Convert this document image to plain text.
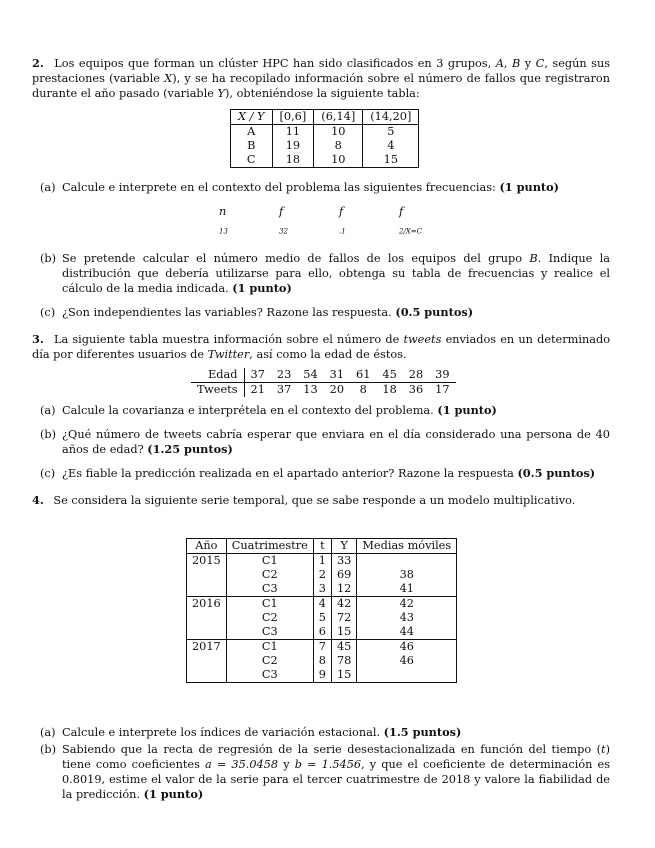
2. Los equipos que forman un clúster HPC han sido clasificados en 3 grupos, A, B y C, según sus prestaciones (variable X), y se ha recopilado información sobre el número de fallos que registraron durante el año pasado (variable Y), obteniéndose la siguiente tabla:

X / Y	[0,6]	(6,14]	(14,20]
A	11	10	5
B	19	8	4
C	18	10	15
(a) Calcule e interprete en el contexto del problema las siguientes frecuencias: (1 punto)
$n_{13}$
$f_{32}$
$f_{.1}$
$f_{2/X=C}$
(b) Se pretende calcular el número medio de fallos de los equipos del grupo B. Indique la distribución que debería utilizarse para ello, obtenga su tabla de frecuencias y realice el cálculo de la media indicada. (1 punto)
(c) ¿Son independientes las variables? Razone las respuesta. (0.5 puntos)

3. La siguiente tabla muestra información sobre el número de tweets enviados en un determinado día por diferentes usuarios de Twitter, así como la edad de éstos.

Edad	37	23	54	31	61	45	28	39
Tweets	21	37	13	20	8	18	36	17
(a) Calcule la covarianza e interprétela en el contexto del problema. (1 punto)
(b) ¿Qué número de tweets cabría esperar que enviara en el día considerado una persona de 40 años de edad? (1.25 puntos)
(c) ¿Es fiable la predicción realizada en el apartado anterior? Razone la respuesta (0.5 puntos)

4. Se considera la siguiente serie temporal, que se sabe responde a un modelo multiplicativo.

Año	Cuatrimestre	t	Y	Medias móviles
2015	C1	1	33	
	C2	2	69	38
	C3	3	12	41
2016	C1	4	42	42
	C2	5	72	43
	C3	6	15	44
2017	C1	7	45	46
	C2	8	78	46
	C3	9	15	
(a) Calcule e interprete los índices de variación estacional. (1.5 puntos)
(b) Sabiendo que la recta de regresión de la serie desestacionalizada en función del tiempo (t) tiene como coeficientes a = 35.0458 y b = 1.5456, y que el coeficiente de determinación es 0.8019, estime el valor de la serie para el tercer cuatrimestre de 2018 y valore la fiabilidad de la predicción. (1 punto)
